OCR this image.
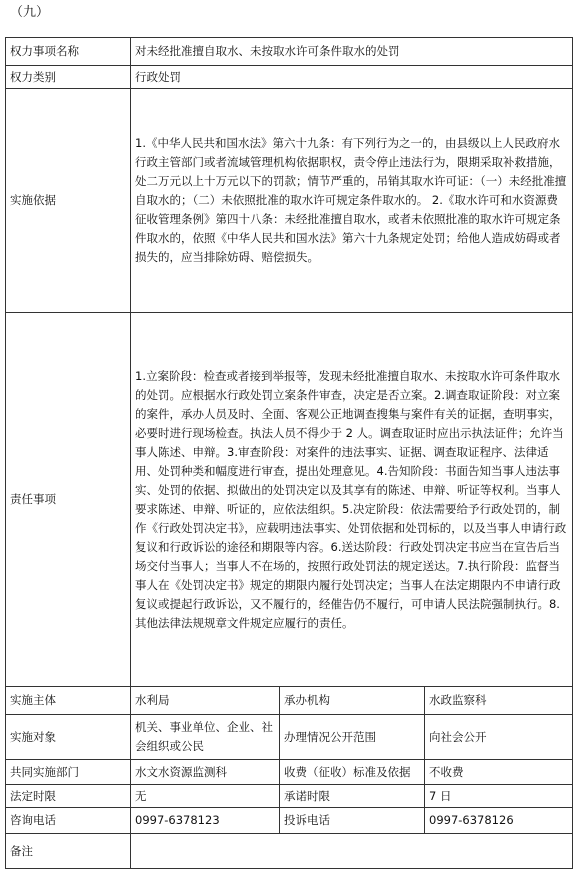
（九）
权力事项名称	对未经批准擅自取水、未按取水许可条件取水的处罚		
权力类别	行政处罚		
实施依据	1.《中华人民共和国水法》第六十九条：有下列行为之一的，由县级以上人民政府水行政主管部门或者流域管理机构依据职权，责令停止违法行为，限期采取补救措施，处二万元以上十万元以下的罚款；情节严重的，吊销其取水许可证：（一）未经批准擅自取水的；（二）未依照批准的取水许可规定条件取水的。 2.《取水许可和水资源费征收管理条例》第四十八条：未经批准擅自取水，或者未依照批准的取水许可规定条件取水的，依照《中华人民共和国水法》第六十九条规定处罚；给他人造成妨碍或者损失的，应当排除妨碍、赔偿损失。		
责任事项	1.立案阶段：检查或者接到举报等，发现未经批准擅自取水、未按取水许可条件取水的处罚。应根据水行政处罚立案条件审查，决定是否立案。2.调查取证阶段：对立案的案件，承办人员及时、全面、客观公正地调查搜集与案件有关的证据，查明事实，必要时进行现场检查。执法人员不得少于 2 人。调查取证时应出示执法证件；允许当事人陈述、申辩。3.审查阶段：对案件的违法事实、证据、调查取证程序、法律适用、处罚种类和幅度进行审查，提出处理意见。4.告知阶段：书面告知当事人违法事实、处罚的依据、拟做出的处罚决定以及其享有的陈述、申辩、听证等权利。当事人要求陈述、申辩、听证的，应依法组织。5.决定阶段：依法需要给予行政处罚的，制作《行政处罚决定书》，应载明违法事实、处罚依据和处罚标的，以及当事人申请行政复议和行政诉讼的途径和期限等内容。6.送达阶段：行政处罚决定书应当在宣告后当场交付当事人；当事人不在场的，按照行政处罚法的规定送达。7.执行阶段：监督当事人在《处罚决定书》规定的期限内履行处罚决定；当事人在法定期限内不申请行政复议或提起行政诉讼，又不履行的，经催告仍不履行，可申请人民法院强制执行。8.其他法律法规规章文件规定应履行的责任。		
实施主体	水利局	承办机构	水政监察科
实施对象	机关、事业单位、企业、社会组织或公民	办理情况公开范围	向社会公开
共同实施部门	水文水资源监测科	收费（征收）标准及依据	不收费
法定时限	无	承诺时限	7 日
咨询电话	0997-6378123	投诉电话	0997-6378126
备注			
